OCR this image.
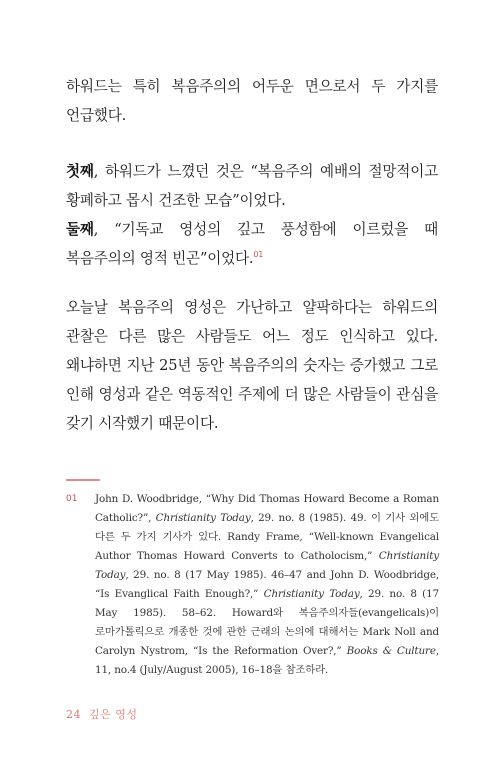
하워드는 특히 복음주의의 어두운 면으로서 두 가지를 언급했다.

첫째, 하워드가 느꼈던 것은 “복음주의 예배의 절망적이고 황폐하고 몹시 건조한 모습”이었다.
둘째, “기독교 영성의 깊고 풍성함에 이르렀을 때 복음주의의 영적 빈곤”이었다.$^{01}$

오늘날 복음주의 영성은 가난하고 얄팍하다는 하워드의 관찰은 다른 많은 사람들도 어느 정도 인식하고 있다. 왜냐하면 지난 25년 동안 복음주의의 숫자는 증가했고 그로 인해 영성과 같은 역동적인 주제에 더 많은 사람들이 관심을 갖기 시작했기 때문이다.

01 John D. Woodbridge, “Why Did Thomas Howard Become a Roman Catholic?”, Christianity Today, 29. no. 8 (1985). 49. 이 기사 외에도 다른 두 가지 기사가 있다. Randy Frame, “Well-known Evangelical Author Thomas Howard Converts to Catholocism,” Christianity Today, 29. no. 8 (17 May 1985). 46–47 and John D. Woodbridge, “Is Evanglical Faith Enough?,” Christianity Today, 29. no. 8 (17 May 1985). 58–62. Howard와 복음주의자들(evangelicals)이 로마가톨릭으로 개종한 것에 관한 근래의 논의에 대해서는 Mark Noll and Carolyn Nystrom, “Is the Reformation Over?,” Books & Culture, 11, no.4 (July/August 2005), 16–18을 참조하라.
24 깊은 영성
